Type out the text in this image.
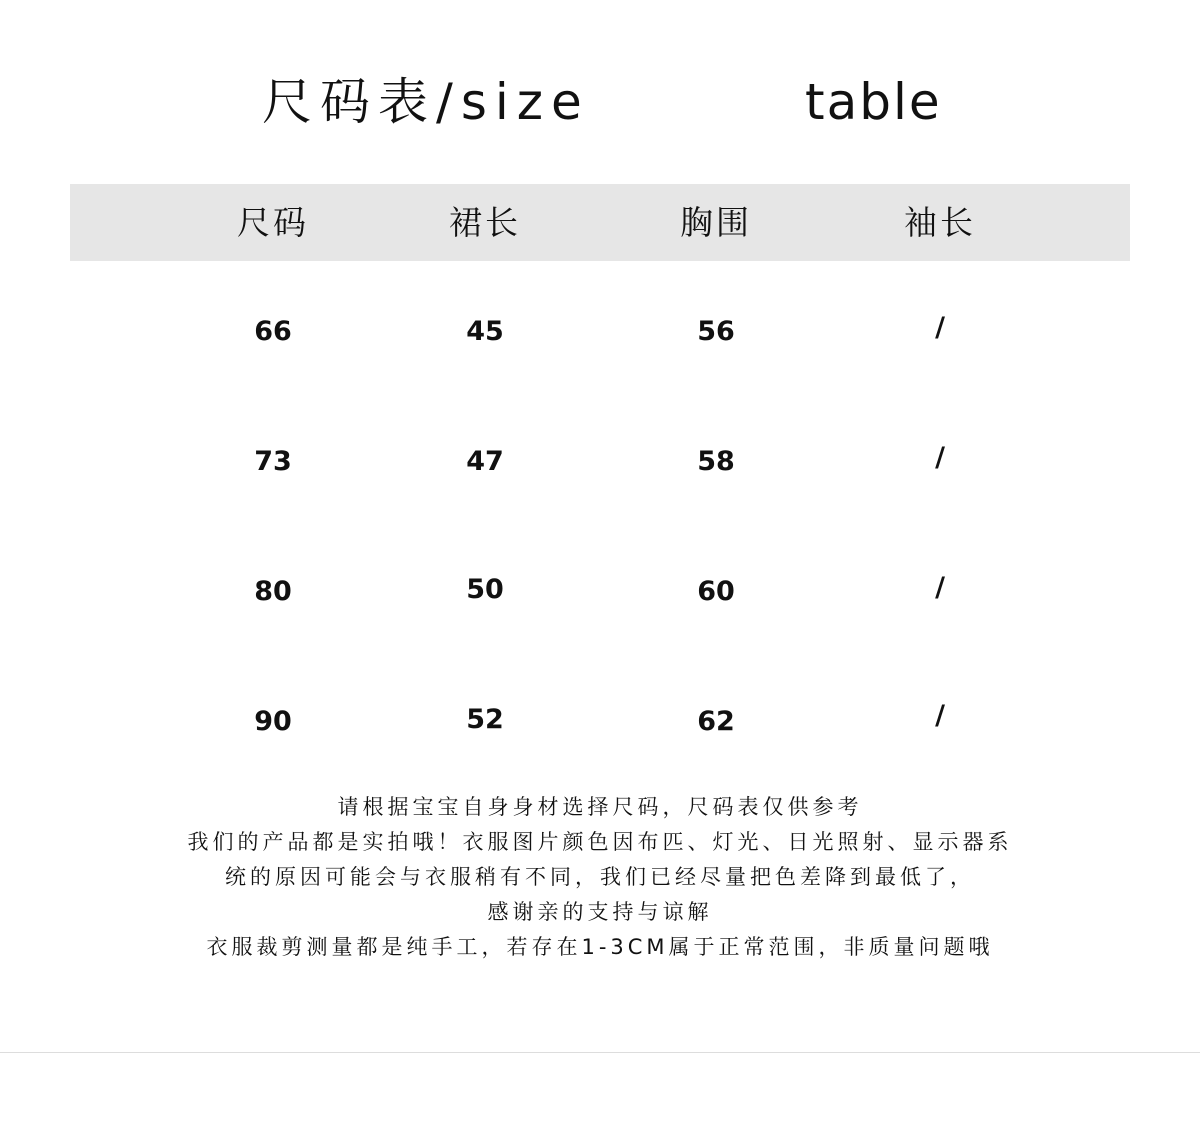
尺码表/size	table
尺码	裙长	胸围	袖长
66	45	56	/
73	47	58	/
80	50	60	/
90	52	62	/
请根据宝宝自身身材选择尺码，尺码表仅供参考
我们的产品都是实拍哦！衣服图片颜色因布匹、灯光、日光照射、显示器系
统的原因可能会与衣服稍有不同，我们已经尽量把色差降到最低了，
感谢亲的支持与谅解
衣服裁剪测量都是纯手工，若存在1-3CM属于正常范围，非质量问题哦
